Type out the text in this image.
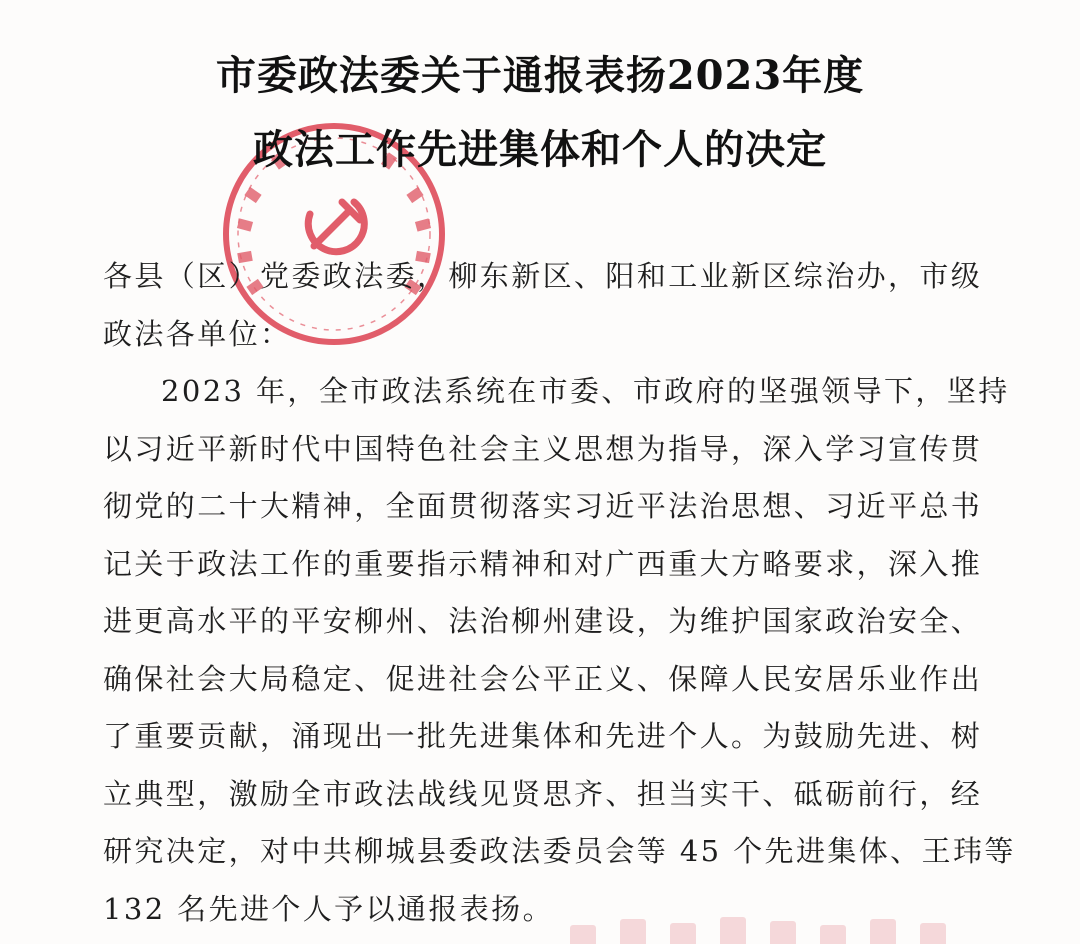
市委政法委关于通报表扬2023年度
政法工作先进集体和个人的决定
各县（区）党委政法委，柳东新区、阳和工业新区综治办，市级
政法各单位：
2023 年，全市政法系统在市委、市政府的坚强领导下，坚持
以习近平新时代中国特色社会主义思想为指导，深入学习宣传贯
彻党的二十大精神，全面贯彻落实习近平法治思想、习近平总书
记关于政法工作的重要指示精神和对广西重大方略要求，深入推
进更高水平的平安柳州、法治柳州建设，为维护国家政治安全、
确保社会大局稳定、促进社会公平正义、保障人民安居乐业作出
了重要贡献，涌现出一批先进集体和先进个人。为鼓励先进、树
立典型，激励全市政法战线见贤思齐、担当实干、砥砺前行，经
研究决定，对中共柳城县委政法委员会等 45 个先进集体、王玮等
132 名先进个人予以通报表扬。
